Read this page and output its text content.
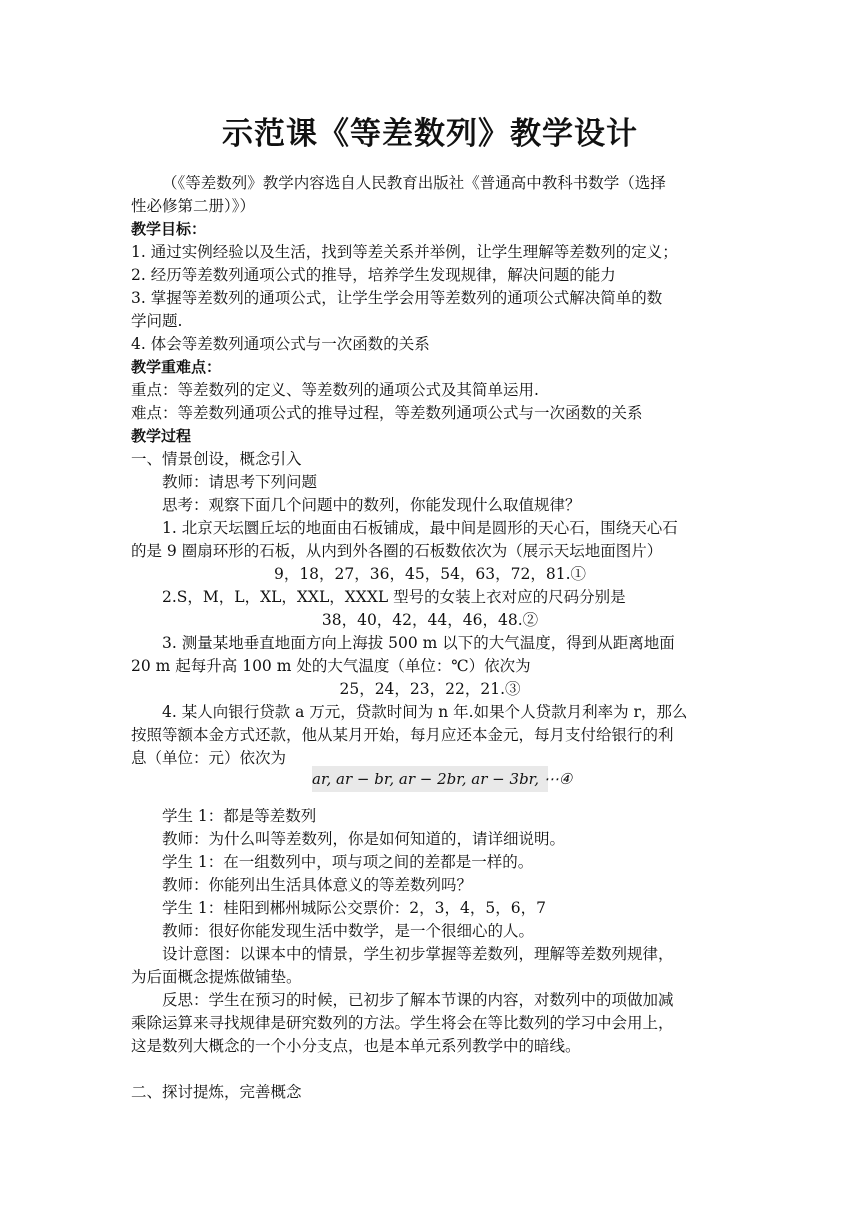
示范课《等差数列》教学设计
（《等差数列》教学内容选自人民教育出版社《普通高中教科书数学（选择
性必修第二册）》）
教学目标：
1. 通过实例经验以及生活，找到等差关系并举例，让学生理解等差数列的定义；
2. 经历等差数列通项公式的推导，培养学生发现规律，解决问题的能力
3. 掌握等差数列的通项公式，让学生学会用等差数列的通项公式解决简单的数
学问题.
4. 体会等差数列通项公式与一次函数的关系
教学重难点：
重点：等差数列的定义、等差数列的通项公式及其简单运用.
难点：等差数列通项公式的推导过程，等差数列通项公式与一次函数的关系
教学过程
一、情景创设，概念引入
教师：请思考下列问题
思考：观察下面几个问题中的数列，你能发现什么取值规律？
1. 北京天坛圜丘坛的地面由石板铺成，最中间是圆形的天心石，围绕天心石
的是 9 圈扇环形的石板，从内到外各圈的石板数依次为（展示天坛地面图片）
9，18，27，36，45，54，63，72，81.①
2.S，M，L，XL，XXL，XXXL 型号的女装上衣对应的尺码分别是
38，40，42，44，46，48.②
3. 测量某地垂直地面方向上海拔 500 m 以下的大气温度，得到从距离地面
20 m 起每升高 100 m 处的大气温度（单位：℃）依次为
25，24，23，22，21.③
4. 某人向银行贷款 a 万元，贷款时间为 n 年.如果个人贷款月利率为 r，那么
按照等额本金方式还款，他从某月开始，每月应还本金元，每月支付给银行的利
息（单位：元）依次为
ar, ar − br, ar − 2br, ar − 3br, ⋯④
学生 1：都是等差数列
教师：为什么叫等差数列，你是如何知道的，请详细说明。
学生 1：在一组数列中，项与项之间的差都是一样的。
教师：你能列出生活具体意义的等差数列吗？
学生 1：桂阳到郴州城际公交票价：2，3，4，5，6，7
教师：很好你能发现生活中数学，是一个很细心的人。
设计意图：以课本中的情景，学生初步掌握等差数列，理解等差数列规律，
为后面概念提炼做铺垫。
反思：学生在预习的时候，已初步了解本节课的内容，对数列中的项做加减
乘除运算来寻找规律是研究数列的方法。学生将会在等比数列的学习中会用上，
这是数列大概念的一个小分支点，也是本单元系列教学中的暗线。
二、探讨提炼，完善概念
